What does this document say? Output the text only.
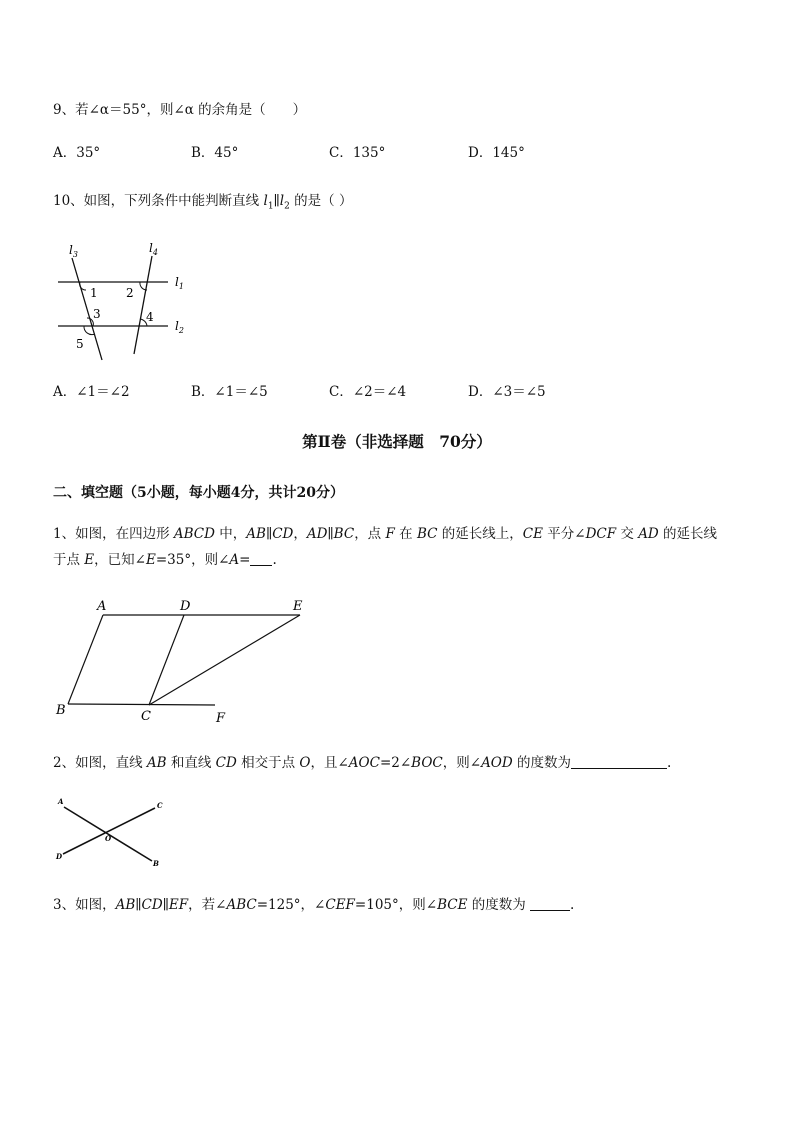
9、若∠α＝55°，则∠α 的余角是（　　）
A．35°	B．45°	C．135°	D．145°
10、如图，下列条件中能判断直线 $l_1\parallel l_2$ 的是（ ）
$l_3$	$l_4$
$l_1$
$l_2$
1 2
3	4
5
A．∠1＝∠2	B．∠1＝∠5	C．∠2＝∠4	D．∠3＝∠5
第Ⅱ卷（非选择题　70分）
二、填空题（5小题，每小题4分，共计20分）
1、如图，在四边形 ABCD 中，AB∥CD，AD∥BC，点 F 在 BC 的延长线上，CE 平分∠DCF 交 AD 的延长线
于点 E，已知∠E=35°，则∠A= .
A	D	E
B	C	F
2、如图，直线 AB 和直线 CD 相交于点 O，且∠AOC=2∠BOC，则∠AOD 的度数为	.
A	C
O
D
B
3、如图，AB∥CD∥EF，若∠ABC=125°，∠CEF=105°，则∠BCE 的度数为	.
